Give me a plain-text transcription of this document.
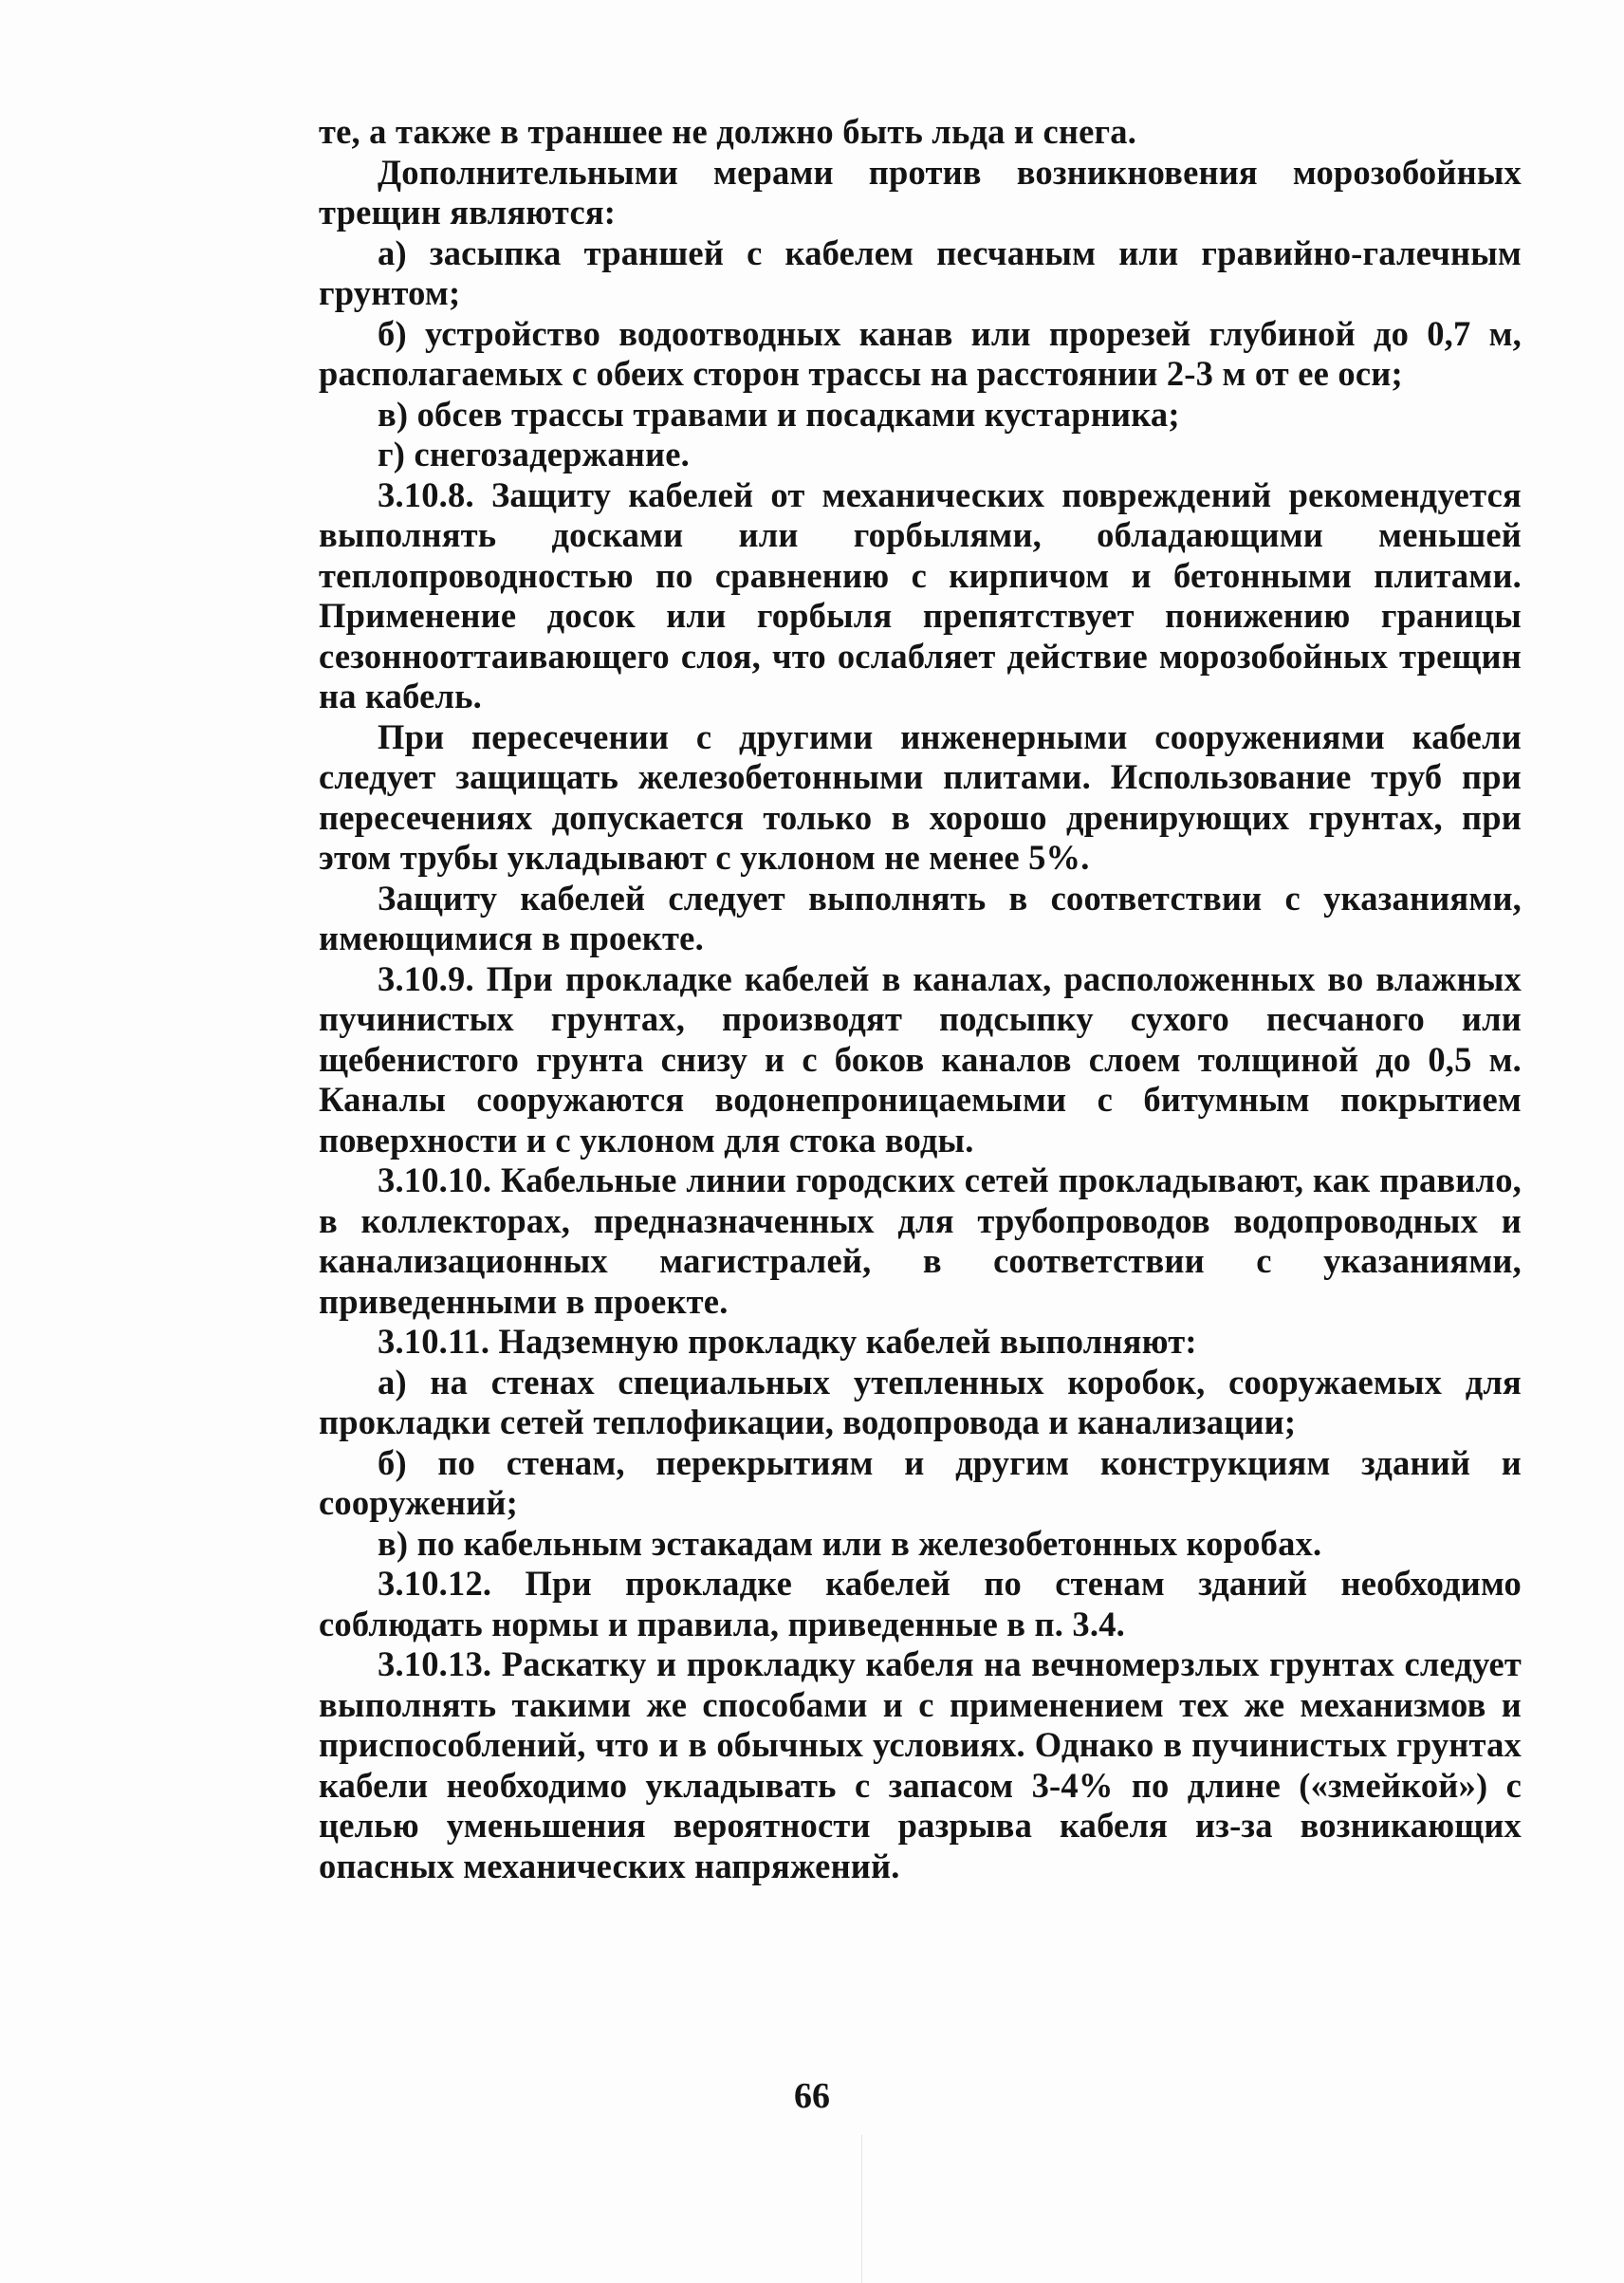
те, а также в траншее не должно быть льда и снега.

Дополнительными мерами против возникновения морозобойных трещин являются:

а) засыпка траншей с кабелем песчаным или гравийно-галечным грунтом;

б) устройство водоотводных канав или прорезей глубиной до 0,7 м, располагаемых с обеих сторон трассы на расстоянии 2-3 м от ее оси;

в) обсев трассы травами и посадками кустарника;

г) снегозадержание.

3.10.8. Защиту кабелей от механических повреждений рекомендуется выполнять досками или горбылями, обладающими меньшей теплопроводностью по сравнению с кирпичом и бетонными плитами. Применение досок или горбыля препятствует понижению границы сезоннооттаивающего слоя, что ослабляет действие морозобойных трещин на кабель.

При пересечении с другими инженерными сооружениями кабели следует защищать железобетонными плитами. Использование труб при пересечениях допускается только в хорошо дренирующих грунтах, при этом трубы укладывают с уклоном не менее 5%.

Защиту кабелей следует выполнять в соответствии с указаниями, имеющимися в проекте.

3.10.9. При прокладке кабелей в каналах, расположенных во влажных пучинистых грунтах, производят подсыпку сухого песчаного или щебенистого грунта снизу и с боков каналов слоем толщиной до 0,5 м. Каналы сооружаются водонепроницаемыми с битумным покрытием поверхности и с уклоном для стока воды.

3.10.10. Кабельные линии городских сетей прокладывают, как правило, в коллекторах, предназначенных для трубопроводов водопроводных и канализационных магистралей, в соответствии с указаниями, приведенными в проекте.

3.10.11. Надземную прокладку кабелей выполняют:

а) на стенах специальных утепленных коробок, сооружаемых для прокладки сетей теплофикации, водопровода и канализации;

б) по стенам, перекрытиям и другим конструкциям зданий и сооружений;

в) по кабельным эстакадам или в железобетонных коробах.

3.10.12. При прокладке кабелей по стенам зданий необходимо соблюдать нормы и правила, приведенные в п. 3.4.

3.10.13. Раскатку и прокладку кабеля на вечномерзлых грунтах следует выполнять такими же способами и с применением тех же механизмов и приспособлений, что и в обычных условиях. Однако в пучинистых грунтах кабели необходимо укладывать с запасом 3-4% по длине («змейкой») с целью уменьшения вероятности разрыва кабеля из-за возникающих опасных механических напряжений.

66
